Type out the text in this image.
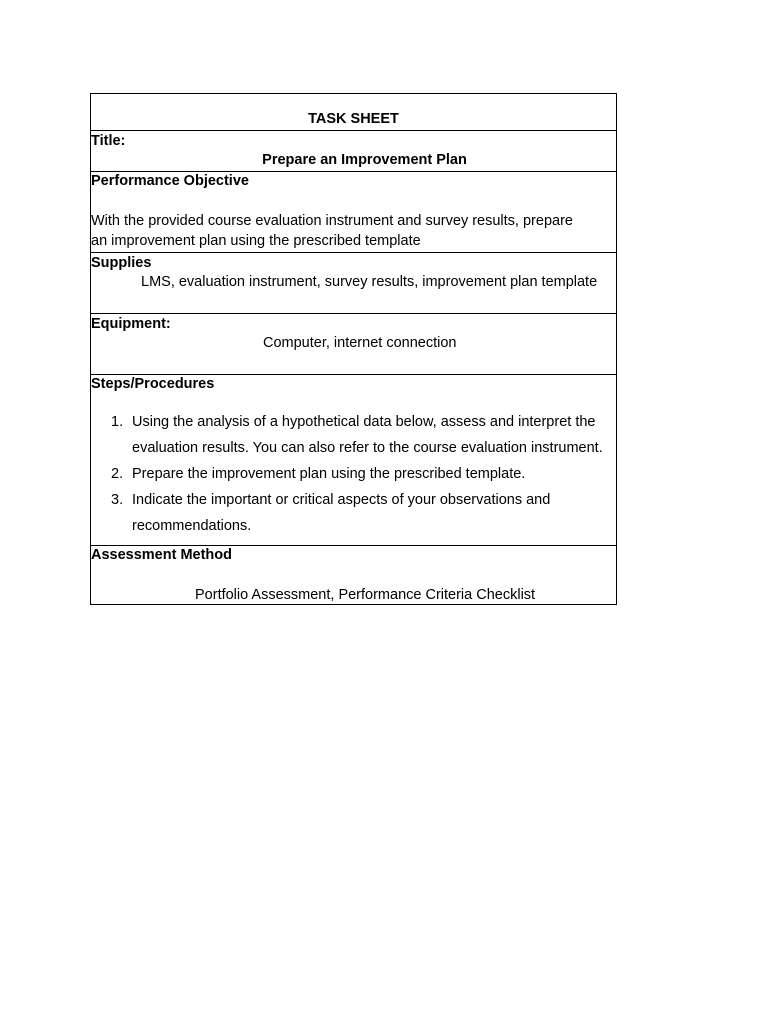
TASK SHEET
Title:
Prepare an Improvement Plan
Performance Objective
With the provided course evaluation instrument and survey results, prepare an improvement plan using the prescribed template
Supplies
LMS, evaluation instrument, survey results, improvement plan template
Equipment:
Computer, internet connection
Steps/Procedures
1. Using the analysis of a hypothetical data below, assess and interpret the evaluation results. You can also refer to the course evaluation instrument.
2. Prepare the improvement plan using the prescribed template.
3. Indicate the important or critical aspects of your observations and recommendations.
Assessment Method
Portfolio Assessment, Performance Criteria Checklist
